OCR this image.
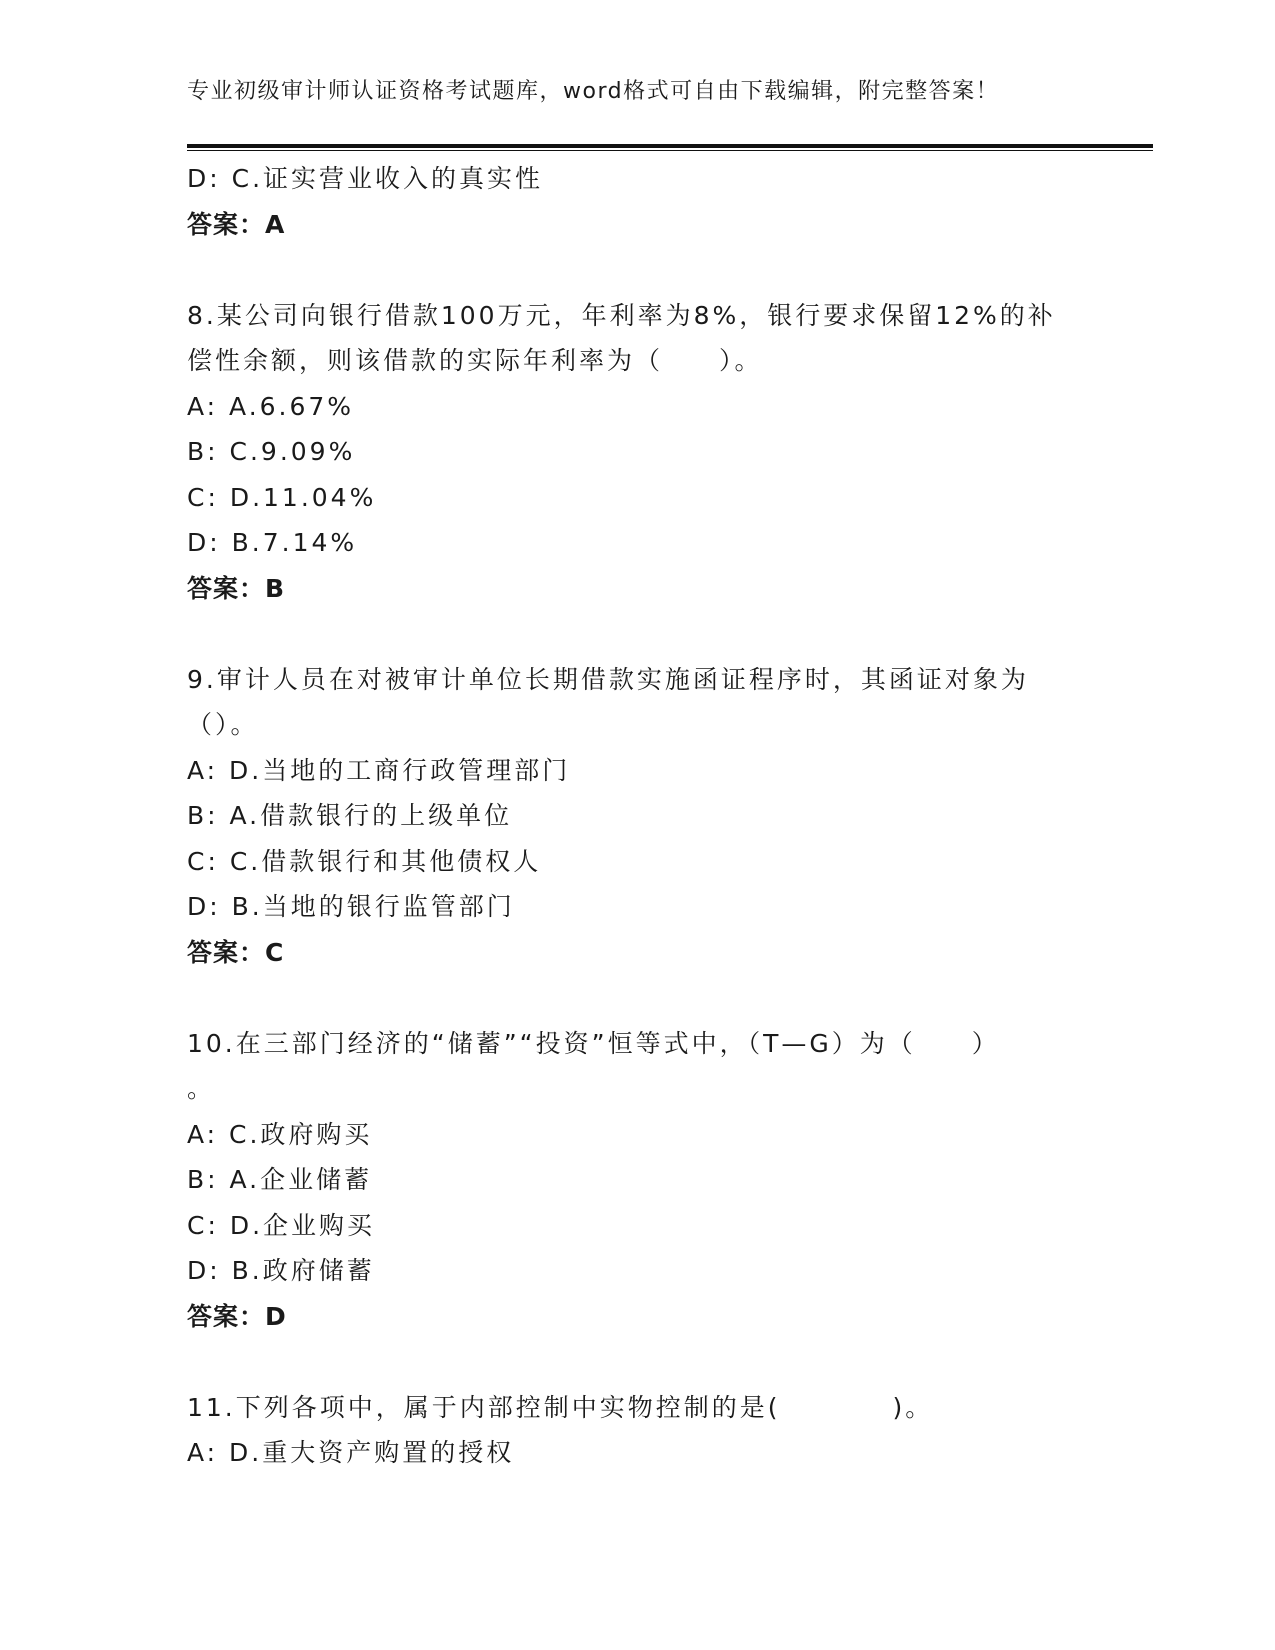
专业初级审计师认证资格考试题库，word格式可自由下载编辑，附完整答案！
D: C.证实营业收入的真实性
答案：A
8.某公司向银行借款100万元，年利率为8%，银行要求保留12%的补
偿性余额，则该借款的实际年利率为（　　）。
A: A.6.67%
B: C.9.09%
C: D.11.04%
D: B.7.14%
答案：B
9.审计人员在对被审计单位长期借款实施函证程序时，其函证对象为
（）。
A: D.当地的工商行政管理部门
B: A.借款银行的上级单位
C: C.借款银行和其他债权人
D: B.当地的银行监管部门
答案：C
10.在三部门经济的“储蓄”“投资”恒等式中，（T—G）为（　　）
。
A: C.政府购买
B: A.企业储蓄
C: D.企业购买
D: B.政府储蓄
答案：D
11.下列各项中，属于内部控制中实物控制的是(　　　　)。
A: D.重大资产购置的授权
